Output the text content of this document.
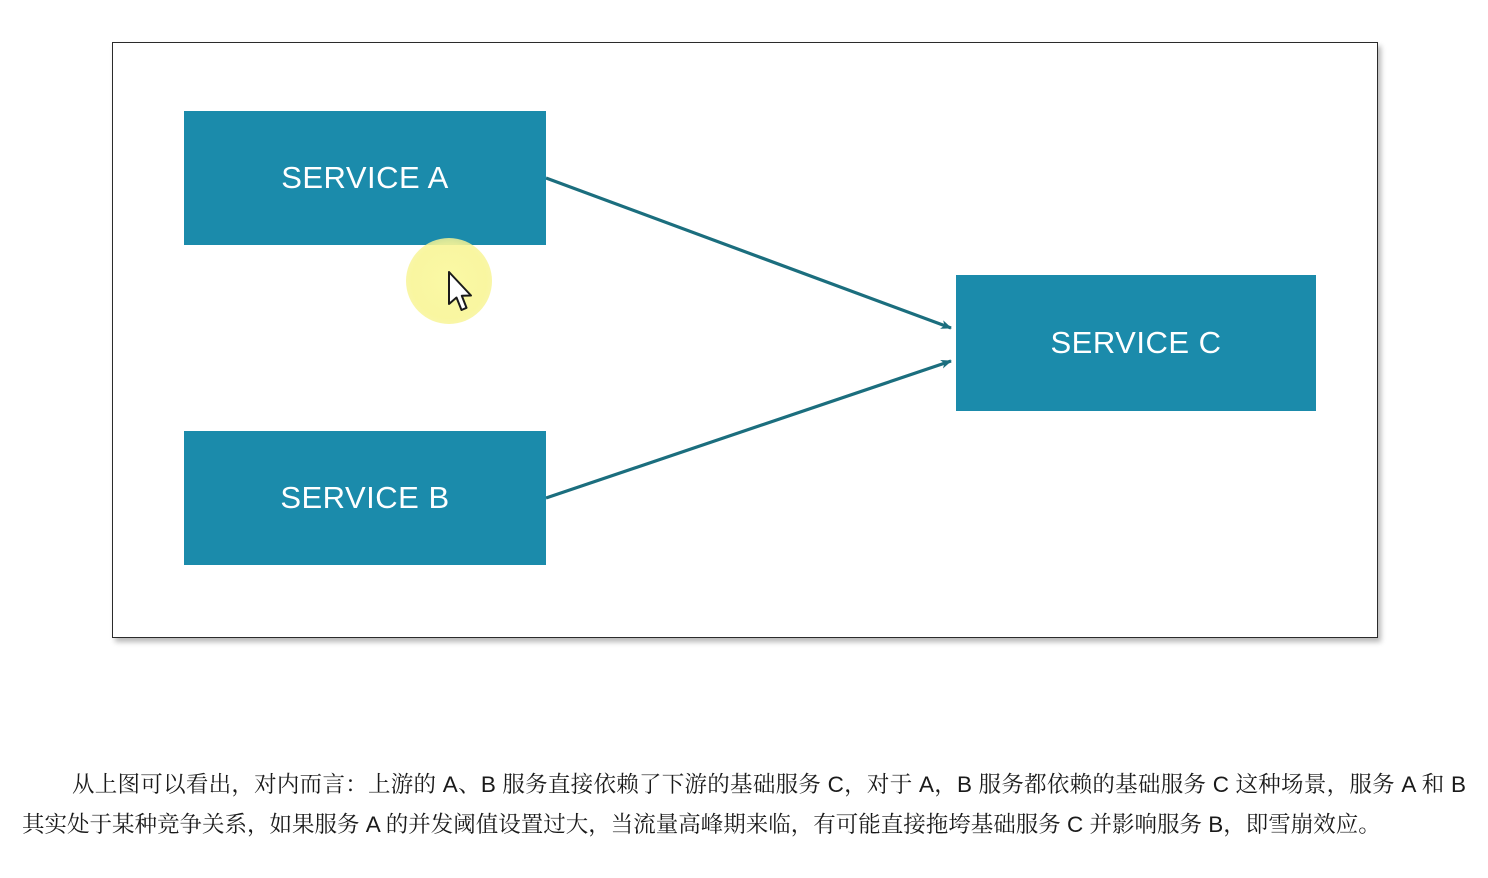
SERVICE A
SERVICE B
SERVICE C

从上图可以看出，对内而言：上游的 A、B 服务直接依赖了下游的基础服务 C，对于 A，B 服务都依赖的基础服务 C 这种场景，服务 A 和 B 其实处于某种竞争关系，如果服务 A 的并发阈值设置过大，当流量高峰期来临，有可能直接拖垮基础服务 C 并影响服务 B，即雪崩效应。
